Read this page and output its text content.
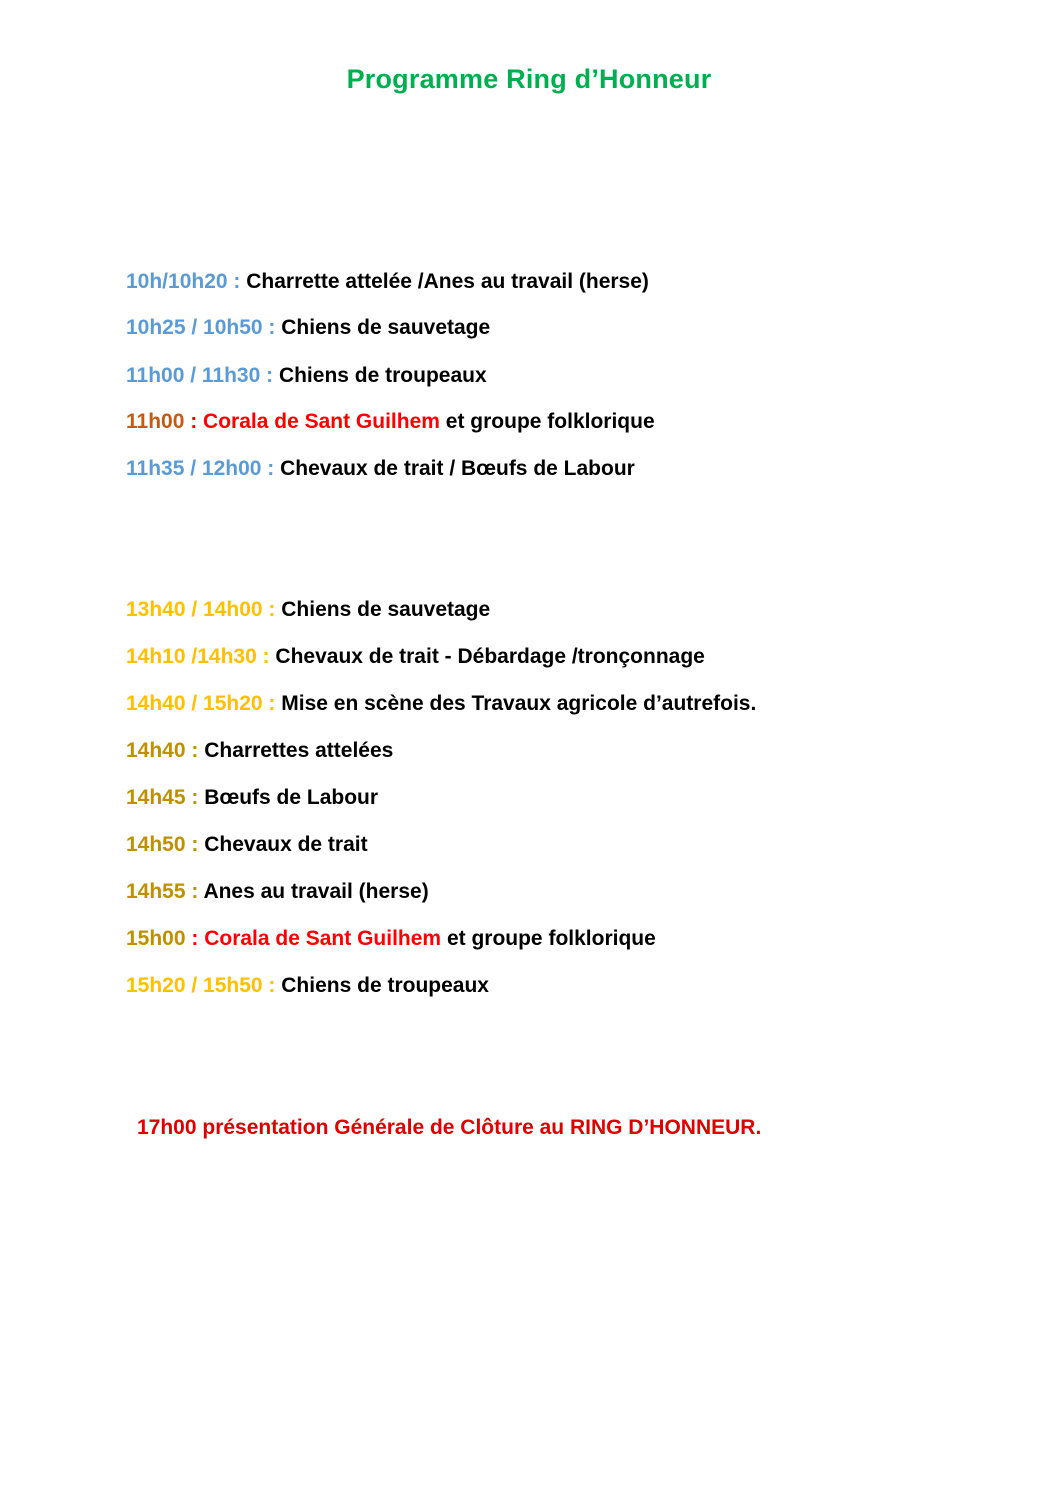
Programme Ring d’Honneur
10h/10h20 : Charrette attelée /Anes au travail (herse)
10h25 / 10h50 : Chiens de sauvetage
11h00 / 11h30 : Chiens de troupeaux
11h00 : Corala de Sant Guilhem et groupe folklorique
11h35 / 12h00 : Chevaux de trait / Bœufs de Labour
13h40 / 14h00 : Chiens de sauvetage
14h10 /14h30 : Chevaux de trait - Débardage /tronçonnage
14h40 / 15h20 : Mise en scène des Travaux agricole d’autrefois.
14h40 : Charrettes attelées
14h45 : Bœufs de Labour
14h50 : Chevaux de trait
14h55 : Anes au travail (herse)
15h00 : Corala de Sant Guilhem et groupe folklorique
15h20 / 15h50 : Chiens de troupeaux
17h00 présentation Générale de Clôture au RING D’HONNEUR.
